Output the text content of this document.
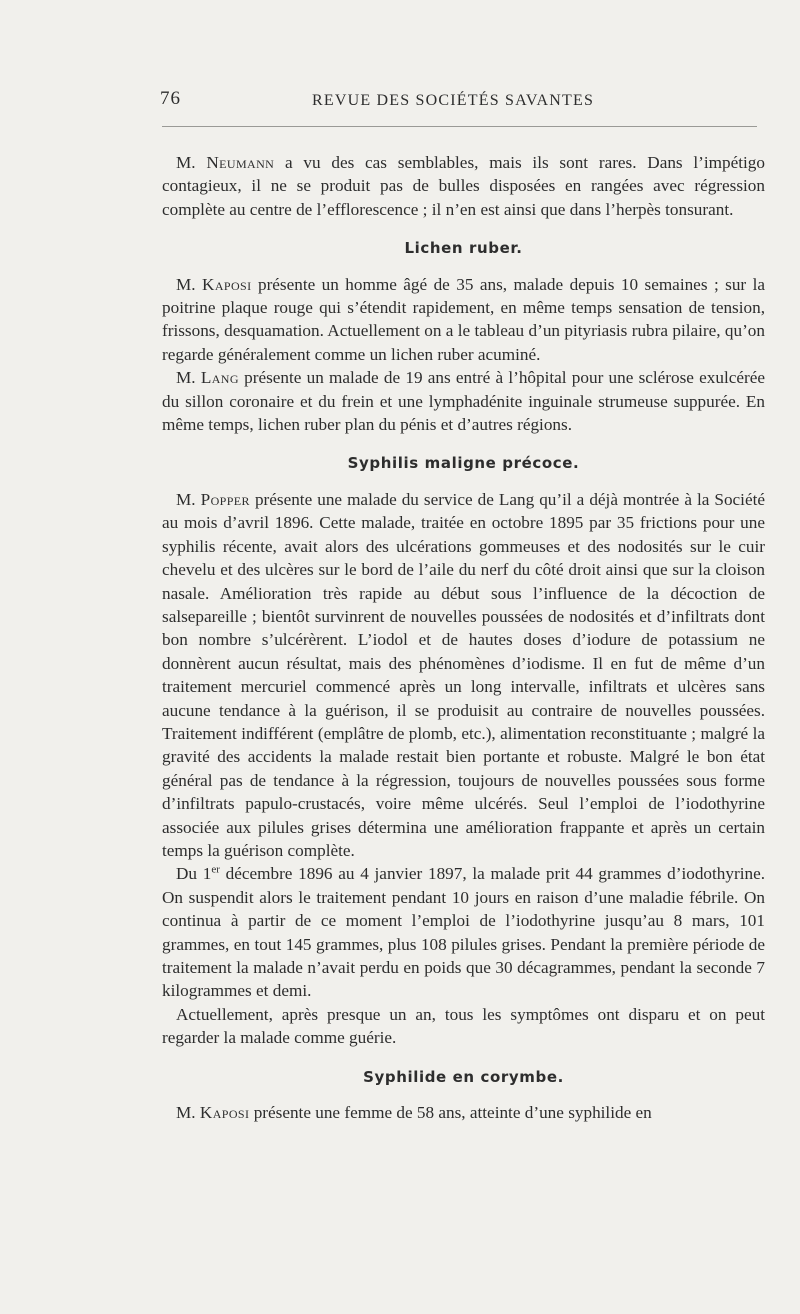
76	REVUE DES SOCIÉTÉS SAVANTES

M. Neumann a vu des cas semblables, mais ils sont rares. Dans l’impétigo contagieux, il ne se produit pas de bulles disposées en rangées avec régression complète au centre de l’efflorescence ; il n’en est ainsi que dans l’herpès tonsurant.

Lichen ruber.

M. Kaposi présente un homme âgé de 35 ans, malade depuis 10 semaines ; sur la poitrine plaque rouge qui s’étendit rapidement, en même temps sensation de tension, frissons, desquamation. Actuellement on a le tableau d’un pityriasis rubra pilaire, qu’on regarde généralement comme un lichen ruber acuminé.

M. Lang présente un malade de 19 ans entré à l’hôpital pour une sclérose exulcérée du sillon coronaire et du frein et une lymphadénite inguinale strumeuse suppurée. En même temps, lichen ruber plan du pénis et d’autres régions.

Syphilis maligne précoce.

M. Popper présente une malade du service de Lang qu’il a déjà montrée à la Société au mois d’avril 1896. Cette malade, traitée en octobre 1895 par 35 frictions pour une syphilis récente, avait alors des ulcérations gommeuses et des nodosités sur le cuir chevelu et des ulcères sur le bord de l’aile du nerf du côté droit ainsi que sur la cloison nasale. Amélioration très rapide au début sous l’influence de la décoction de salsepareille ; bientôt survinrent de nouvelles poussées de nodosités et d’infiltrats dont bon nombre s’ulcérèrent. L’iodol et de hautes doses d’iodure de potassium ne donnèrent aucun résultat, mais des phénomènes d’iodisme. Il en fut de même d’un traitement mercuriel commencé après un long intervalle, infiltrats et ulcères sans aucune tendance à la guérison, il se produisit au contraire de nouvelles poussées. Traitement indifférent (emplâtre de plomb, etc.), alimentation reconstituante ; malgré la gravité des accidents la malade restait bien portante et robuste. Malgré le bon état général pas de tendance à la régression, toujours de nouvelles poussées sous forme d’infiltrats papulo-crustacés, voire même ulcérés. Seul l’emploi de l’iodothyrine associée aux pilules grises détermina une amélioration frappante et après un certain temps la guérison complète.

Du 1er décembre 1896 au 4 janvier 1897, la malade prit 44 grammes d’iodothyrine. On suspendit alors le traitement pendant 10 jours en raison d’une maladie fébrile. On continua à partir de ce moment l’emploi de l’iodothyrine jusqu’au 8 mars, 101 grammes, en tout 145 grammes, plus 108 pilules grises. Pendant la première période de traitement la malade n’avait perdu en poids que 30 décagrammes, pendant la seconde 7 kilogrammes et demi.

Actuellement, après presque un an, tous les symptômes ont disparu et on peut regarder la malade comme guérie.

Syphilide en corymbe.

M. Kaposi présente une femme de 58 ans, atteinte d’une syphilide en
